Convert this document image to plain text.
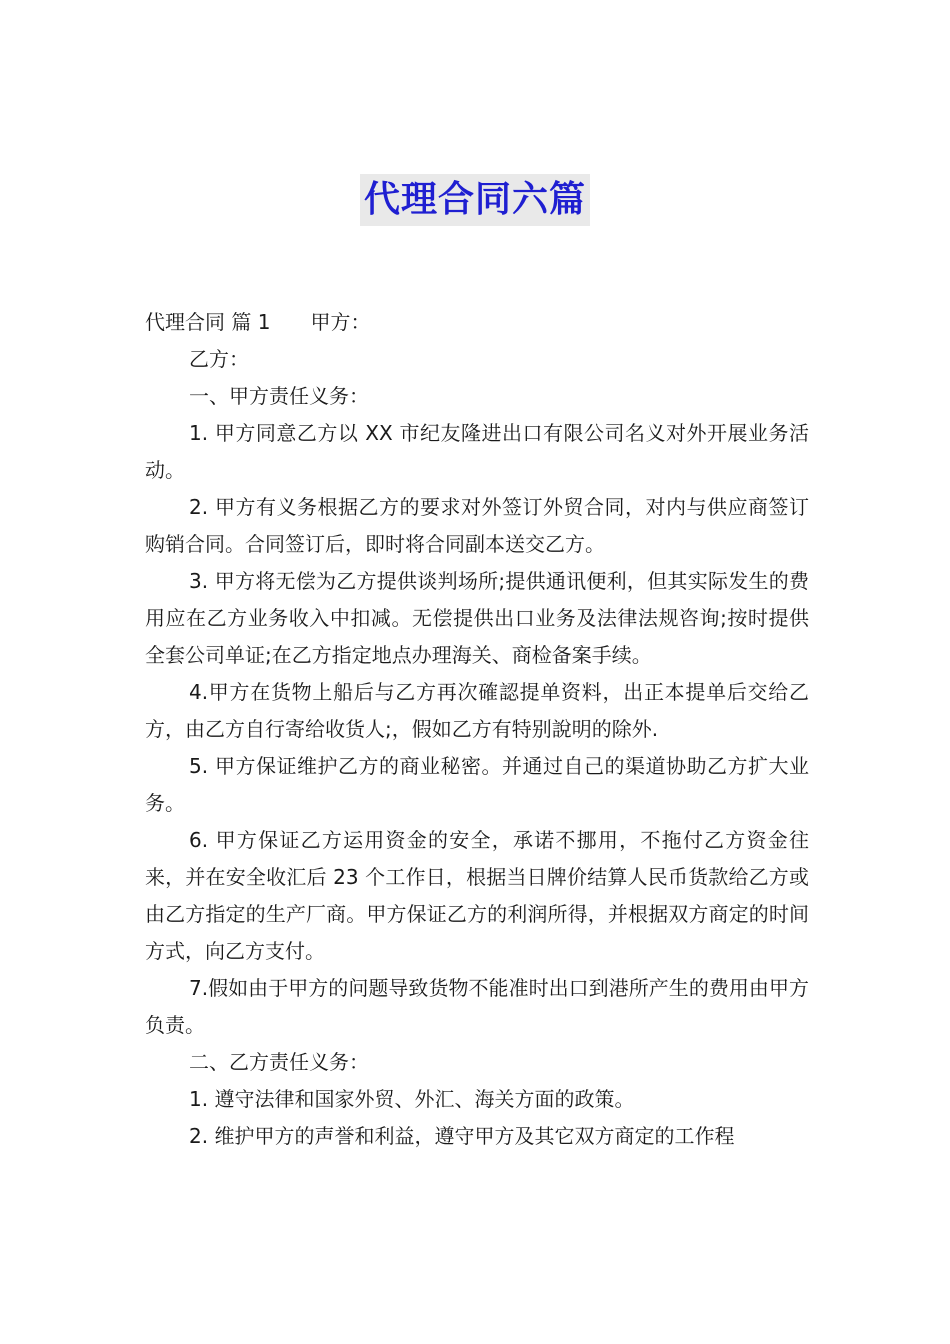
代理合同六篇

代理合同 篇 1 甲方：

乙方：

一、甲方责任义务：

1. 甲方同意乙方以 XX 市纪友隆进出口有限公司名义对外开展业务活动。

2. 甲方有义务根据乙方的要求对外签订外贸合同，对内与供应商签订购销合同。合同签订后，即时将合同副本送交乙方。

3. 甲方将无偿为乙方提供谈判场所;提供通讯便利，但其实际发生的费用应在乙方业务收入中扣减。无偿提供出口业务及法律法规咨询;按时提供全套公司单证;在乙方指定地点办理海关、商检备案手续。

4.甲方在货物上船后与乙方再次確認提单资料，出正本提单后交给乙方，由乙方自行寄给收货人;，假如乙方有特别說明的除外.

5. 甲方保证维护乙方的商业秘密。并通过自己的渠道协助乙方扩大业务。

6. 甲方保证乙方运用资金的安全，承诺不挪用，不拖付乙方资金往来，并在安全收汇后 23 个工作日，根据当日牌价结算人民币货款给乙方或由乙方指定的生产厂商。甲方保证乙方的利润所得，并根据双方商定的时间方式，向乙方支付。

7.假如由于甲方的问题导致货物不能准时出口到港所产生的费用由甲方负责。

二、乙方责任义务：

1. 遵守法律和国家外贸、外汇、海关方面的政策。

2. 维护甲方的声誉和利益，遵守甲方及其它双方商定的工作程
